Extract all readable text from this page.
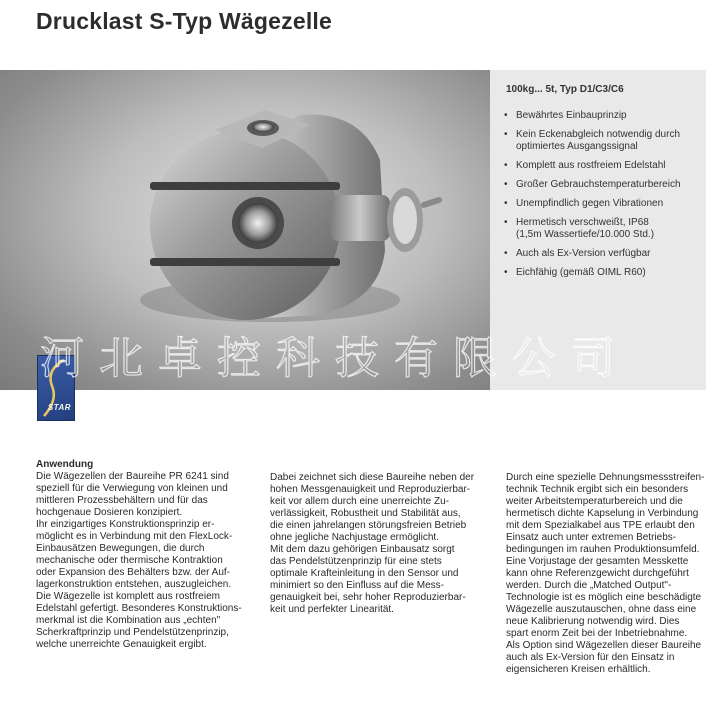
Drucklast S-Typ Wägezelle
STAR
100kg... 5t, Typ D1/C3/C6
• Bewährtes Einbauprinzip
• Kein Eckenabgleich notwendig durch
optimiertes Ausgangssignal
• Komplett aus rostfreiem Edelstahl
• Großer Gebrauchstemperaturbereich
• Unempfindlich gegen Vibrationen
• Hermetisch verschweißt, IP68
(1,5m Wassertiefe/10.000 Std.)
• Auch als Ex-Version verfügbar
• Eichfähig (gemäß OIML R60)

Anwendung

Die Wägezellen der Baureihe PR 6241 sind
speziell für die Verwiegung von kleinen und
mittleren Prozessbehältern und für das
hochgenaue Dosieren konzipiert.
Ihr einzigartiges Konstruktionsprinzip er-
möglicht es in Verbindung mit den FlexLock-
Einbausätzen Bewegungen, die durch
mechanische oder thermische Kontraktion
oder Expansion des Behälters bzw. der Auf-
lagerkonstruktion entstehen, auszugleichen.
Die Wägezelle ist komplett aus rostfreiem
Edelstahl gefertigt. Besonderes Konstruktions-
merkmal ist die Kombination aus „echten"
Scherkraftprinzip und Pendelstützenprinzip,
welche unerreichte Genauigkeit ergibt.

Dabei zeichnet sich diese Baureihe neben der
hohen Messgenauigkeit und Reproduzierbar-
keit vor allem durch eine unerreichte Zu-
verlässigkeit, Robustheit und Stabilität aus,
die einen jahrelangen störungsfreien Betrieb
ohne jegliche Nachjustage ermöglicht.
Mit dem dazu gehörigen Einbausatz sorgt
das Pendelstützenprinzip für eine stets
optimale Krafteinleitung in den Sensor und
minimiert so den Einfluss auf die Mess-
genauigkeit bei, sehr hoher Reproduzierbar-
keit und perfekter Linearität.

Durch eine spezielle Dehnungsmessstreifen-
technik Technik ergibt sich ein besonders
weiter Arbeitstemperaturbereich und die
hermetisch dichte Kapselung in Verbindung
mit dem Spezialkabel aus TPE erlaubt den
Einsatz auch unter extremen Betriebs-
bedingungen im rauhen Produktionsumfeld.
Eine Vorjustage der gesamten Messkette
kann ohne Referenzgewicht durchgeführt
werden. Durch die „Matched Output"-
Technologie ist es möglich eine beschädigte
Wägezelle auszutauschen, ohne dass eine
neue Kalibrierung notwendig wird. Dies
spart enorm Zeit bei der Inbetriebnahme.
Als Option sind Wägezellen dieser Baureihe
auch als Ex-Version für den Einsatz in
eigensicheren Kreisen erhältlich.
